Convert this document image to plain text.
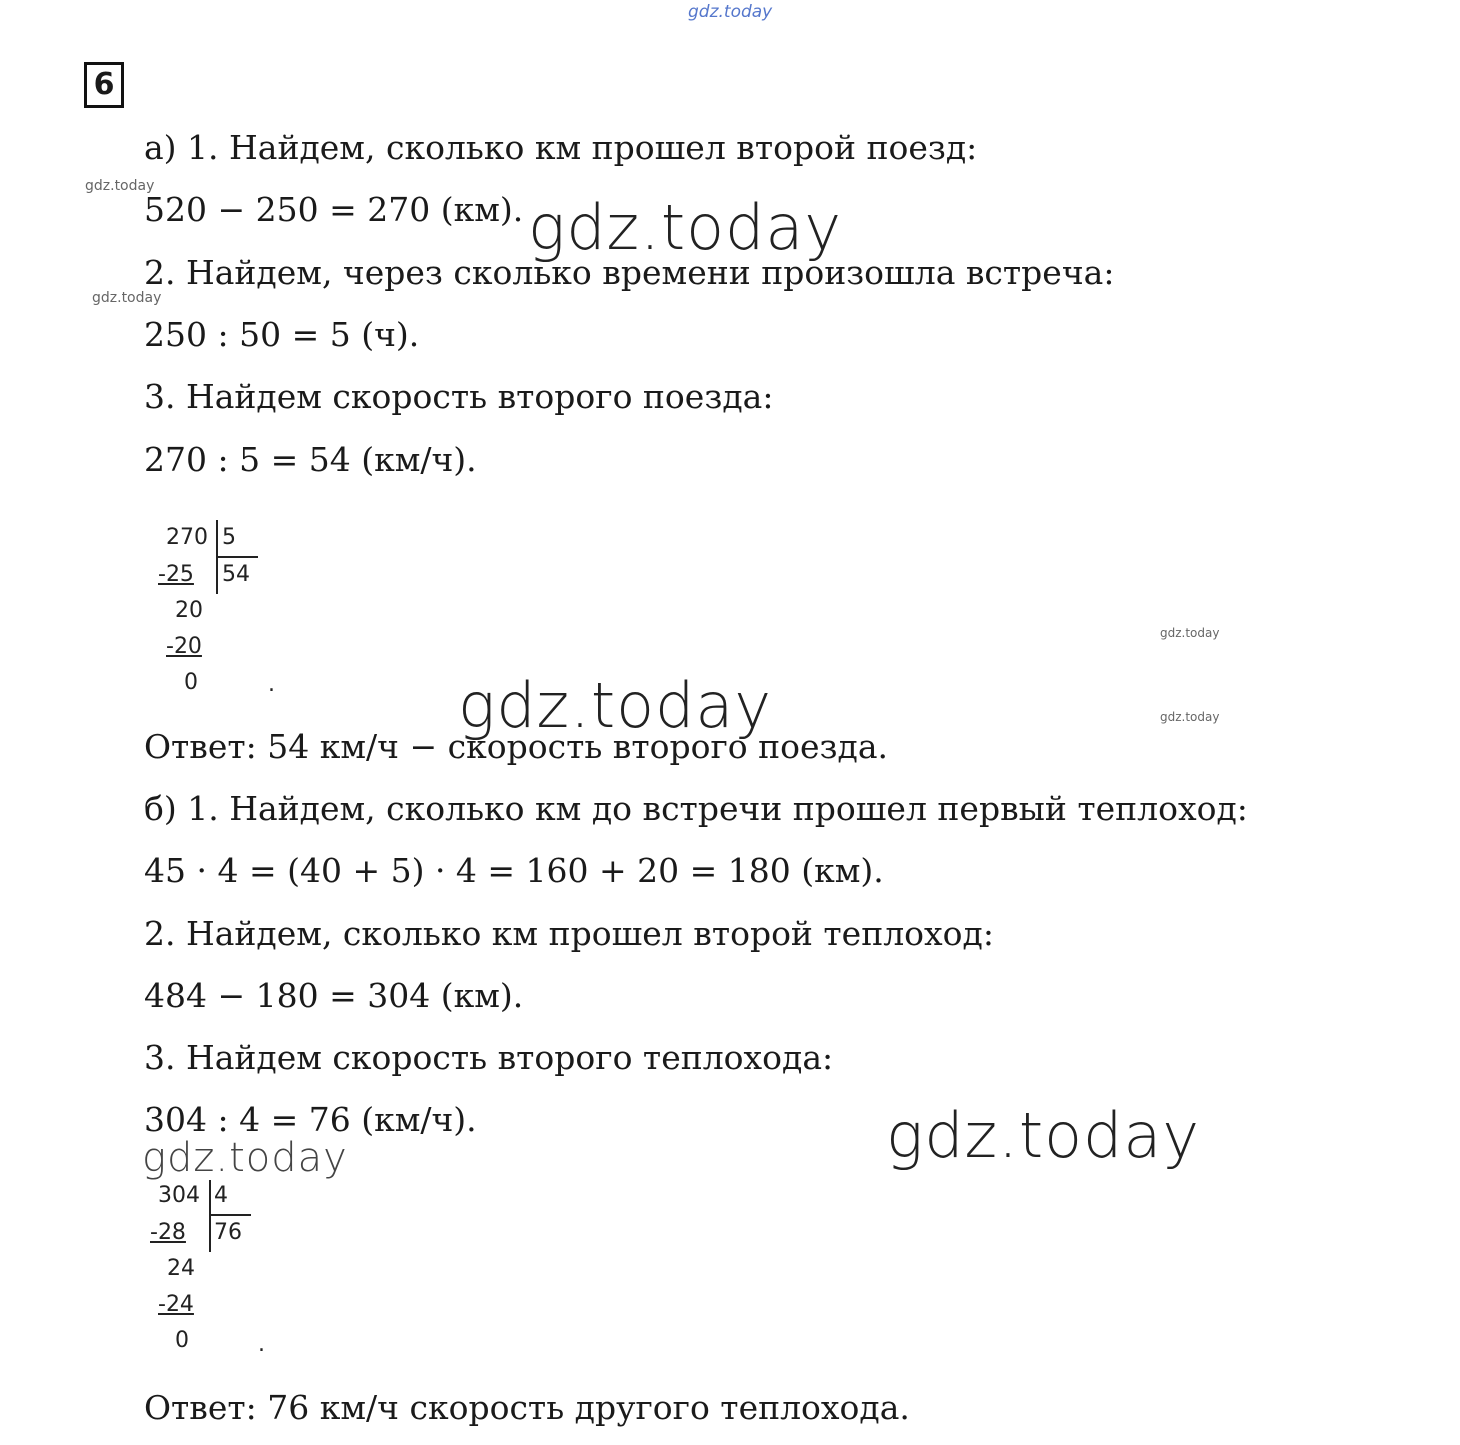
gdz.today
6
а) 1. Найдем, сколько км прошел второй поезд:
520 − 250 = 270 (км).
2. Найдем, через сколько времени произошла встреча:
250 : 50 = 5 (ч).
3. Найдем скорость второго поезда:
270 : 5 = 54 (км/ч).
270 5
-25 54
20
-20
0	.
Ответ: 54 км/ч − скорость второго поезда.
б) 1. Найдем, сколько км до встречи прошел первый теплоход:
45 · 4 = (40 + 5) · 4 = 160 + 20 = 180 (км).
2. Найдем, сколько км прошел второй теплоход:
484 − 180 = 304 (км).
3. Найдем скорость второго теплохода:
304 : 4 = 76 (км/ч).
304 4
-28 76
24
-24
0	.
Ответ: 76 км/ч скорость другого теплохода.
gdz.today
gdz.today
gdz.today
gdz.today
gdz.today
gdz.today
gdz.today
gdz.today
